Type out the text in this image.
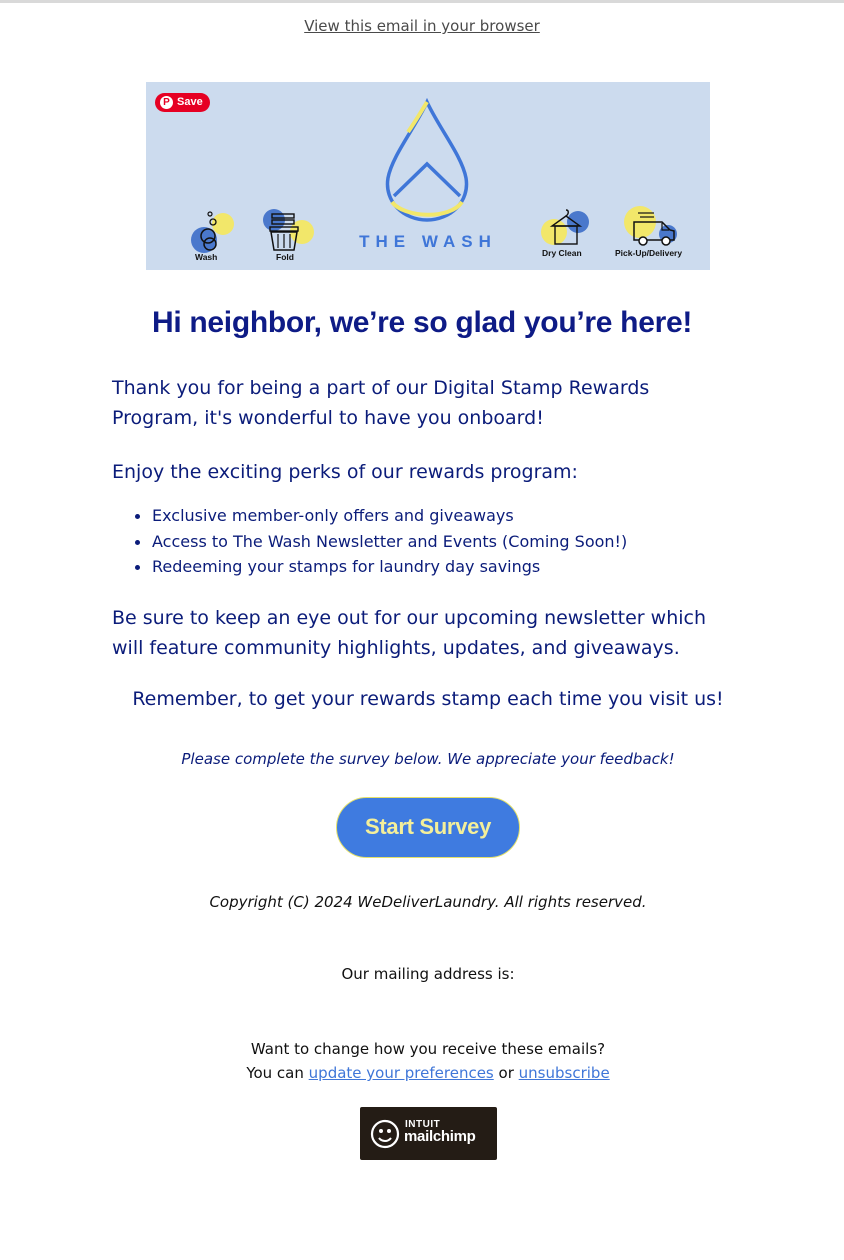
View this email in your browser
P Save
THE WASH
Wash	Fold	Dry Clean	Pick-Up/Delivery
Hi neighbor, we’re so glad you’re here!

Thank you for being a part of our Digital Stamp Rewards Program, it's wonderful to have you onboard!

Enjoy the exciting perks of our rewards program:

Exclusive member-only offers and giveaways
Access to The Wash Newsletter and Events (Coming Soon!)
Redeeming your stamps for laundry day savings

Be sure to keep an eye out for our upcoming newsletter which will feature community highlights, updates, and giveaways.

Remember, to get your rewards stamp each time you visit us!
Please complete the survey below. We appreciate your feedback!
Start Survey
Copyright (C) 2024 WeDeliverLaundry. All rights reserved.
Our mailing address is:
Want to change how you receive these emails?
You can update your preferences or unsubscribe
INTUIT
mailchimp
